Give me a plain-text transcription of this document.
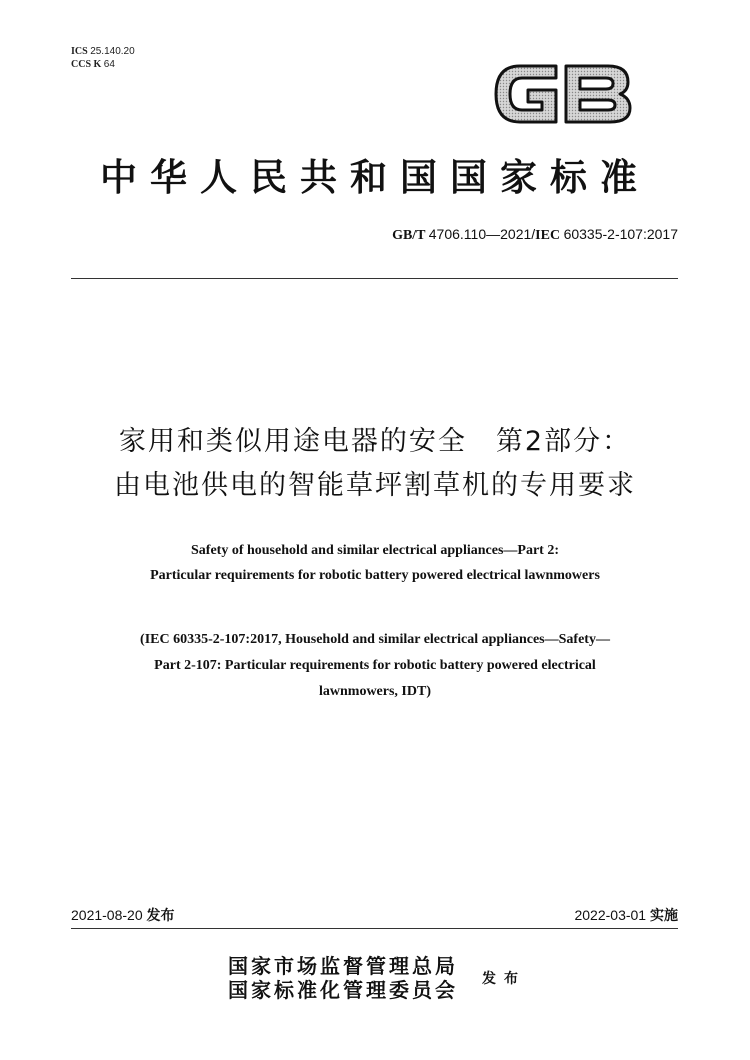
ICS 25.140.20
CCS K 64
中华人民共和国国家标准
GB/T 4706.110—2021/IEC 60335-2-107:2017
家用和类似用途电器的安全　第2部分：
由电池供电的智能草坪割草机的专用要求
Safety of household and similar electrical appliances—Part 2:
Particular requirements for robotic battery powered electrical lawnmowers
(IEC 60335-2-107:2017, Household and similar electrical appliances—Safety—
Part 2-107: Particular requirements for robotic battery powered electrical
lawnmowers, IDT)
2021-08-20 发布	2022-03-01 实施
国家市场监督管理总局
国家标准化管理委员会 发布
